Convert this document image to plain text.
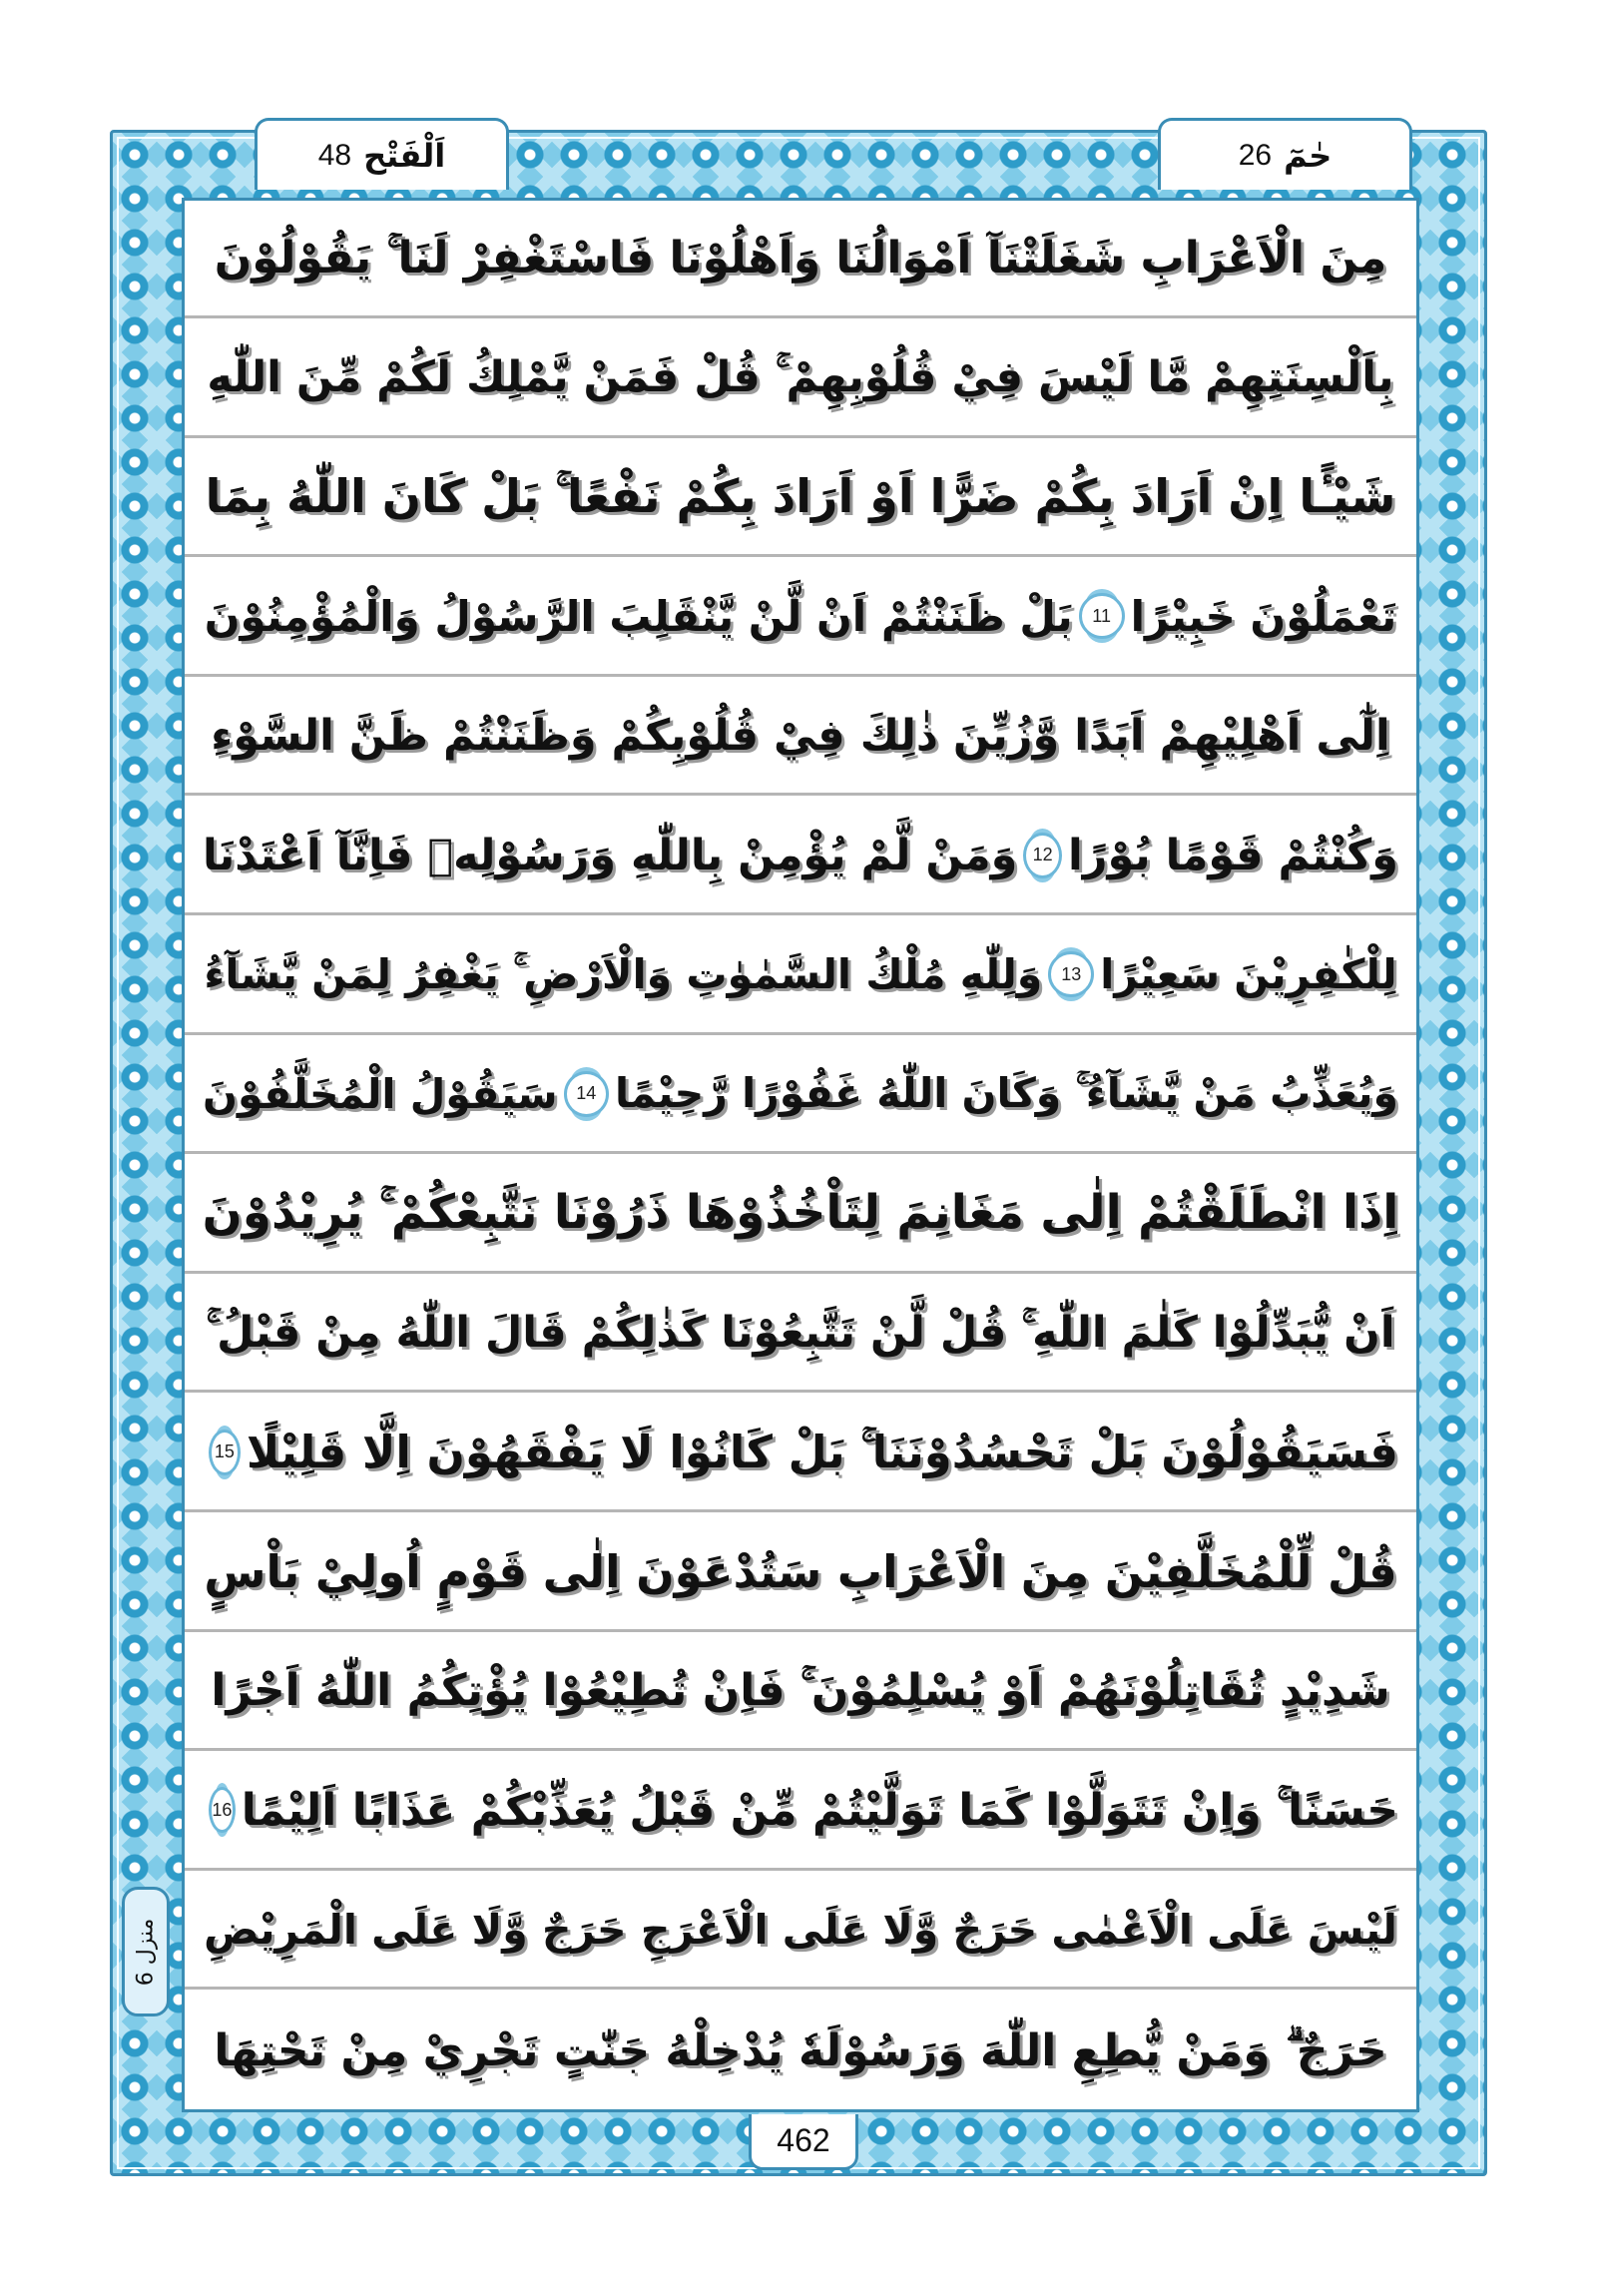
48 اَلْفَتْح	26 حٰمٓ
مِنَ الْاَعْرَابِ شَغَلَتْنَآ اَمْوَالُنَا وَاَهْلُوْنَا فَاسْتَغْفِرْ لَنَا ۚ يَقُوْلُوْنَ
بِاَلْسِنَتِهِمْ مَّا لَيْسَ فِيْ قُلُوْبِهِمْ ۚ قُلْ فَمَنْ يَّمْلِكُ لَكُمْ مِّنَ اللّٰهِ
شَيْـًٔا اِنْ اَرَادَ بِكُمْ ضَرًّا اَوْ اَرَادَ بِكُمْ نَفْعًا ۚ بَلْ كَانَ اللّٰهُ بِمَا
تَعْمَلُوْنَ خَبِيْرًا
11
بَلْ ظَنَنْتُمْ اَنْ لَّنْ يَّنْقَلِبَ الرَّسُوْلُ وَالْمُؤْمِنُوْنَ
اِلٰٓى اَهْلِيْهِمْ اَبَدًا وَّزُيِّنَ ذٰلِكَ فِيْ قُلُوْبِكُمْ وَظَنَنْتُمْ ظَنَّ السَّوْءِ
وَكُنْتُمْ قَوْمًا بُوْرًا
12
وَمَنْ لَّمْ يُؤْمِنْ بِاللّٰهِ وَرَسُوْلِهٖ فَاِنَّآ اَعْتَدْنَا
لِلْكٰفِرِيْنَ سَعِيْرًا
13
وَلِلّٰهِ مُلْكُ السَّمٰوٰتِ وَالْاَرْضِ ۚ يَغْفِرُ لِمَنْ يَّشَآءُ
وَيُعَذِّبُ مَنْ يَّشَآءُ ۚ وَكَانَ اللّٰهُ غَفُوْرًا رَّحِيْمًا
14
سَيَقُوْلُ الْمُخَلَّفُوْنَ
اِذَا انْطَلَقْتُمْ اِلٰى مَغَانِمَ لِتَاْخُذُوْهَا ذَرُوْنَا نَتَّبِعْكُمْ ۚ يُرِيْدُوْنَ
اَنْ يُّبَدِّلُوْا كَلٰمَ اللّٰهِ ۚ قُلْ لَّنْ تَتَّبِعُوْنَا كَذٰلِكُمْ قَالَ اللّٰهُ مِنْ قَبْلُ ۚ
فَسَيَقُوْلُوْنَ بَلْ تَحْسُدُوْنَنَا ۚ بَلْ كَانُوْا لَا يَفْقَهُوْنَ اِلَّا قَلِيْلًا
15
قُلْ لِّلْمُخَلَّفِيْنَ مِنَ الْاَعْرَابِ سَتُدْعَوْنَ اِلٰى قَوْمٍ اُولِيْ بَاْسٍ
شَدِيْدٍ تُقَاتِلُوْنَهُمْ اَوْ يُسْلِمُوْنَ ۚ فَاِنْ تُطِيْعُوْا يُؤْتِكُمُ اللّٰهُ اَجْرًا
حَسَنًا ۚ وَاِنْ تَتَوَلَّوْا كَمَا تَوَلَّيْتُمْ مِّنْ قَبْلُ يُعَذِّبْكُمْ عَذَابًا اَلِيْمًا
16
لَيْسَ عَلَى الْاَعْمٰى حَرَجٌ وَّلَا عَلَى الْاَعْرَجِ حَرَجٌ وَّلَا عَلَى الْمَرِيْضِ
حَرَجٌ ۗ وَمَنْ يُّطِعِ اللّٰهَ وَرَسُوْلَهٗ يُدْخِلْهُ جَنّٰتٍ تَجْرِيْ مِنْ تَحْتِهَا
منزل 6
462
